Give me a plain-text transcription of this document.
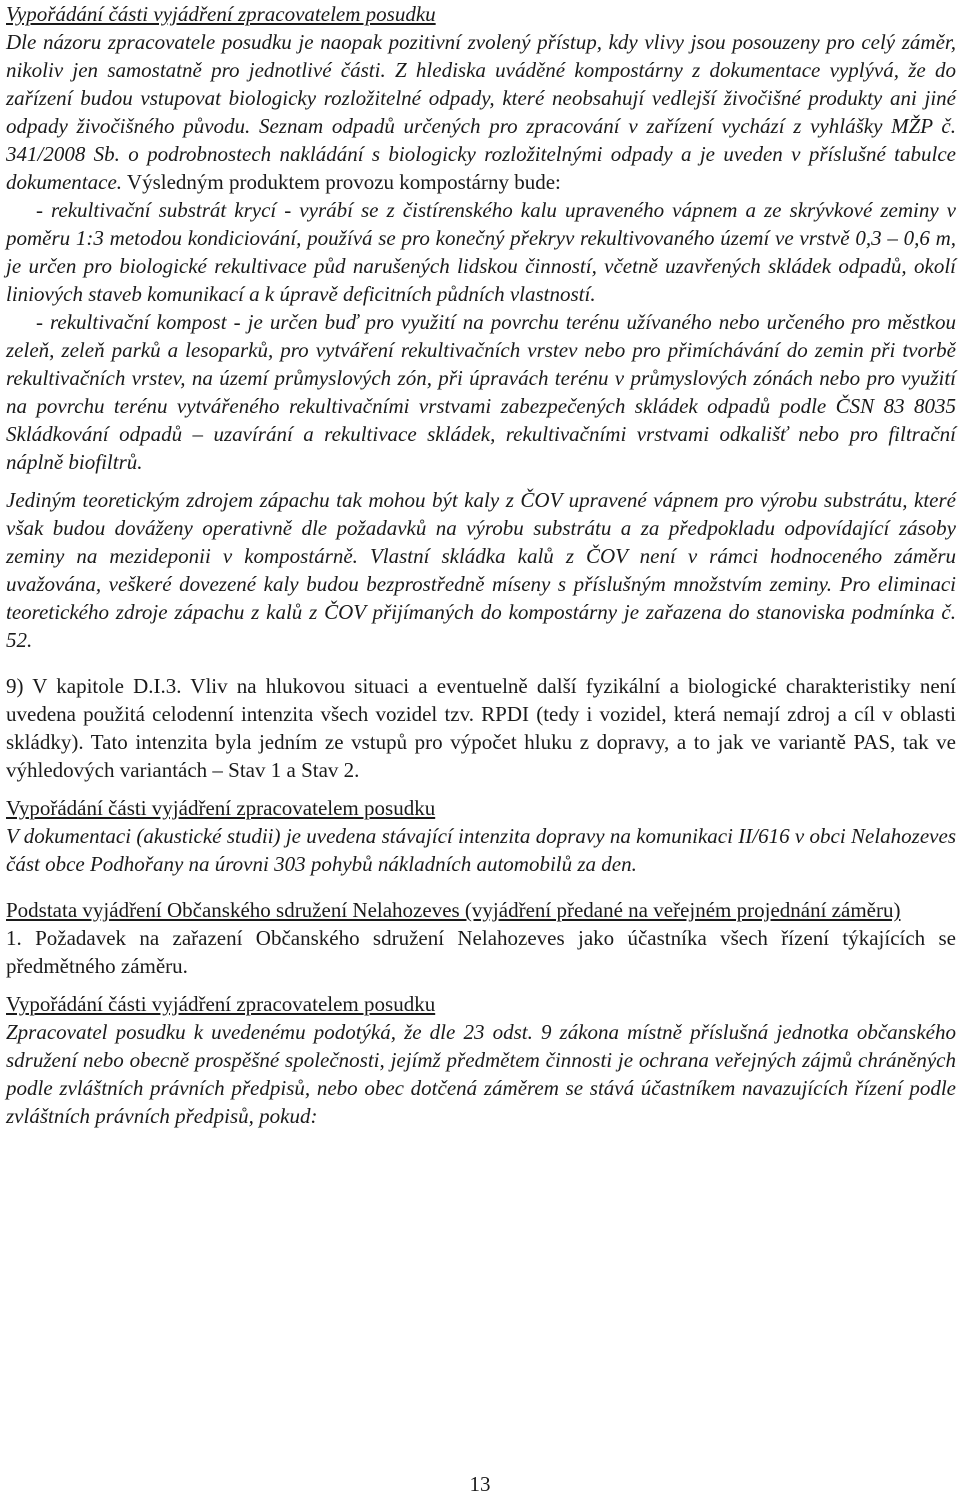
Vypořádání části vyjádření zpracovatelem posudku
Dle názoru zpracovatele posudku je naopak pozitivní zvolený přístup, kdy vlivy jsou posouzeny pro celý záměr, nikoliv jen samostatně pro jednotlivé části. Z hlediska uváděné kompostárny z dokumentace vyplývá, že do zařízení budou vstupovat biologicky rozložitelné odpady, které neobsahují vedlejší živočišné produkty ani jiné odpady živočišného původu. Seznam odpadů určených pro zpracování v zařízení vychází z vyhlášky MŽP č. 341/2008 Sb. o podrobnostech nakládání s biologicky rozložitelnými odpady a je uveden v příslušné tabulce dokumentace. Výsledným produktem provozu kompostárny bude:
- rekultivační substrát krycí - vyrábí se z čistírenského kalu upraveného vápnem a ze skrývkové zeminy v poměru 1:3 metodou kondiciování, používá se pro konečný překryv rekultivovaného území ve vrstvě 0,3 – 0,6 m, je určen pro biologické rekultivace půd narušených lidskou činností, včetně uzavřených skládek odpadů, okolí liniových staveb komunikací a k úpravě deficitních půdních vlastností.
- rekultivační kompost - je určen buď pro využití na povrchu terénu užívaného nebo určeného pro městkou zeleň, zeleň parků a lesoparků, pro vytváření rekultivačních vrstev nebo pro přimíchávání do zemin při tvorbě rekultivačních vrstev, na území průmyslových zón, při úpravách terénu v průmyslových zónách nebo pro využití na povrchu terénu vytvářeného rekultivačními vrstvami zabezpečených skládek odpadů podle ČSN 83 8035 Skládkování odpadů – uzavírání a rekultivace skládek, rekultivačními vrstvami odkališť nebo pro filtrační náplně biofiltrů.
Jediným teoretickým zdrojem zápachu tak mohou být kaly z ČOV upravené vápnem pro výrobu substrátu, které však budou dováženy operativně dle požadavků na výrobu substrátu a za předpokladu odpovídající zásoby zeminy na mezideponii v kompostárně. Vlastní skládka kalů z ČOV není v rámci hodnoceného záměru uvažována, veškeré dovezené kaly budou bezprostředně míseny s příslušným množstvím zeminy. Pro eliminaci teoretického zdroje zápachu z kalů z ČOV přijímaných do kompostárny je zařazena do stanoviska podmínka č. 52.
9) V kapitole D.I.3. Vliv na hlukovou situaci a eventuelně další fyzikální a biologické charakteristiky není uvedena použitá celodenní intenzita všech vozidel tzv. RPDI (tedy i vozidel, která nemají zdroj a cíl v oblasti skládky). Tato intenzita byla jedním ze vstupů pro výpočet hluku z dopravy, a to jak ve variantě PAS, tak ve výhledových variantách – Stav 1 a Stav 2.
Vypořádání části vyjádření zpracovatelem posudku
V dokumentaci (akustické studii) je uvedena stávající intenzita dopravy na komunikaci II/616 v obci Nelahozeves část obce Podhořany na úrovni 303 pohybů nákladních automobilů za den.
Podstata vyjádření Občanského sdružení Nelahozeves (vyjádření předané na veřejném projednání záměru)
1. Požadavek na zařazení Občanského sdružení Nelahozeves jako účastníka všech řízení týkajících se předmětného záměru.
Vypořádání části vyjádření zpracovatelem posudku
Zpracovatel posudku k uvedenému podotýká, že dle 23 odst. 9 zákona místně příslušná jednotka občanského sdružení nebo obecně prospěšné společnosti, jejímž předmětem činnosti je ochrana veřejných zájmů chráněných podle zvláštních právních předpisů, nebo obec dotčená záměrem se stává účastníkem navazujících řízení podle zvláštních právních předpisů, pokud:
13
